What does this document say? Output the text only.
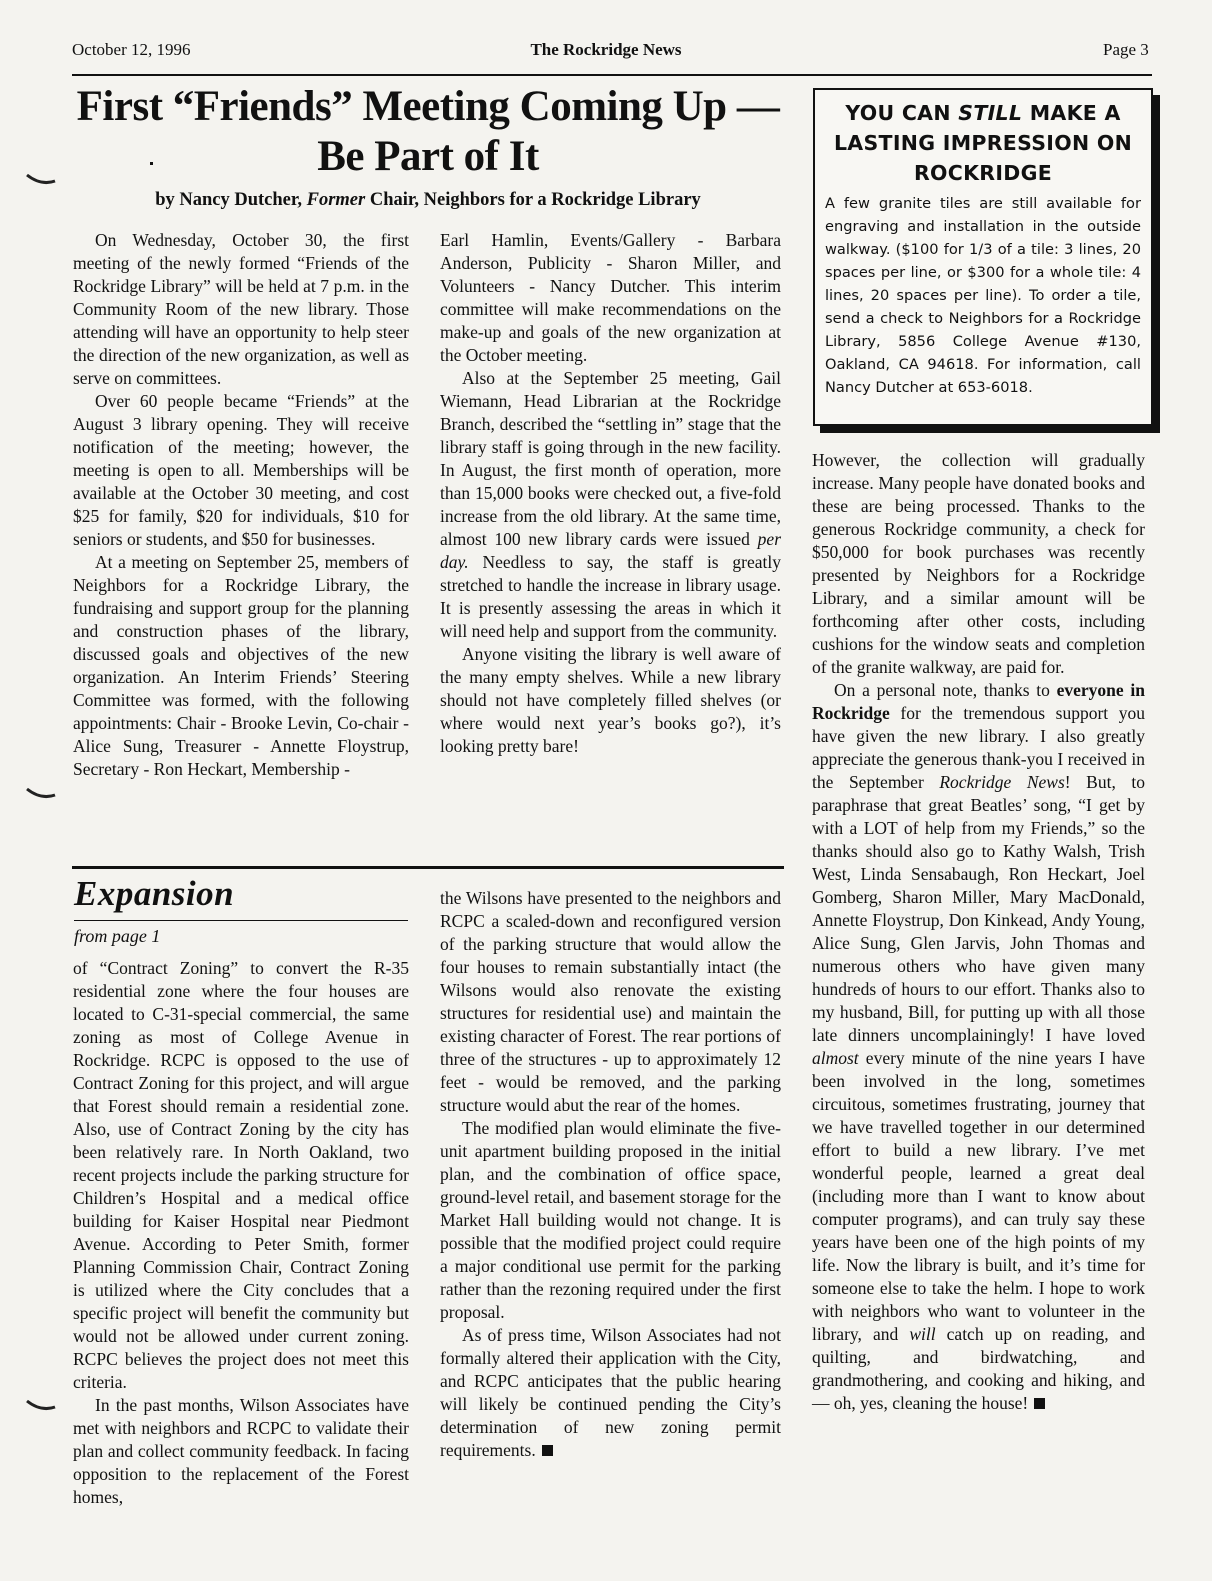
October 12, 1996	The Rockridge News	Page 3
First “Friends” Meeting Coming Up —
Be Part of It

by Nancy Dutcher, Former Chair, Neighbors for a Rockridge Library

On Wednesday, October 30, the first meeting of the newly formed “Friends of the Rockridge Library” will be held at 7 p.m. in the Community Room of the new library. Those attending will have an opportunity to help steer the direction of the new organization, as well as serve on committees.

Over 60 people became “Friends” at the August 3 library opening. They will receive notification of the meeting; however, the meeting is open to all. Memberships will be available at the October 30 meeting, and cost $25 for family, $20 for individuals, $10 for seniors or students, and $50 for businesses.

At a meeting on September 25, members of Neighbors for a Rockridge Library, the fundraising and support group for the planning and construction phases of the library, discussed goals and objectives of the new organization. An Interim Friends’ Steering Committee was formed, with the following appointments: Chair - Brooke Levin, Co-chair - Alice Sung, Treasurer - Annette Floystrup, Secretary - Ron Heckart, Membership -

Earl Hamlin, Events/Gallery - Barbara Anderson, Publicity - Sharon Miller, and Volunteers - Nancy Dutcher. This interim committee will make recommendations on the make-up and goals of the new organization at the October meeting.

Also at the September 25 meeting, Gail Wiemann, Head Librarian at the Rockridge Branch, described the “settling in” stage that the library staff is going through in the new facility. In August, the first month of operation, more than 15,000 books were checked out, a five-fold increase from the old library. At the same time, almost 100 new library cards were issued per day. Needless to say, the staff is greatly stretched to handle the increase in library usage. It is presently assessing the areas in which it will need help and support from the community.

Anyone visiting the library is well aware of the many empty shelves. While a new library should not have completely filled shelves (or where would next year’s books go?), it’s looking pretty bare!

YOU CAN STILL MAKE A LASTING IMPRESSION ON ROCKRIDGE

A few granite tiles are still available for engraving and installation in the outside walkway. ($100 for 1/3 of a tile: 3 lines, 20 spaces per line, or $300 for a whole tile: 4 lines, 20 spaces per line). To order a tile, send a check to Neighbors for a Rockridge Library, 5856 College Avenue #130, Oakland, CA 94618. For information, call Nancy Dutcher at 653-6018.

However, the collection will gradually increase. Many people have donated books and these are being processed. Thanks to the generous Rockridge community, a check for $50,000 for book purchases was recently presented by Neighbors for a Rockridge Library, and a similar amount will be forthcoming after other costs, including cushions for the window seats and completion of the granite walkway, are paid for.

On a personal note, thanks to everyone in Rockridge for the tremendous support you have given the new library. I also greatly appreciate the generous thank-you I received in the September Rockridge News! But, to paraphrase that great Beatles’ song, “I get by with a LOT of help from my Friends,” so the thanks should also go to Kathy Walsh, Trish West, Linda Sensabaugh, Ron Heckart, Joel Gomberg, Sharon Miller, Mary MacDonald, Annette Floystrup, Don Kinkead, Andy Young, Alice Sung, Glen Jarvis, John Thomas and numerous others who have given many hundreds of hours to our effort. Thanks also to my husband, Bill, for putting up with all those late dinners uncomplainingly! I have loved almost every minute of the nine years I have been involved in the long, sometimes circuitous, sometimes frustrating, journey that we have travelled together in our determined effort to build a new library. I’ve met wonderful people, learned a great deal (including more than I want to know about computer programs), and can truly say these years have been one of the high points of my life. Now the library is built, and it’s time for someone else to take the helm. I hope to work with neighbors who want to volunteer in the library, and will catch up on reading, and quilting, and birdwatching, and grandmothering, and cooking and hiking, and — oh, yes, cleaning the house!

Expansion
from page 1

of “Contract Zoning” to convert the R-35 residential zone where the four houses are located to C-31-special commercial, the same zoning as most of College Avenue in Rockridge. RCPC is opposed to the use of Contract Zoning for this project, and will argue that Forest should remain a residential zone. Also, use of Contract Zoning by the city has been relatively rare. In North Oakland, two recent projects include the parking structure for Children’s Hospital and a medical office building for Kaiser Hospital near Piedmont Avenue. According to Peter Smith, former Planning Commission Chair, Contract Zoning is utilized where the City concludes that a specific project will benefit the community but would not be allowed under current zoning. RCPC believes the project does not meet this criteria.

In the past months, Wilson Associates have met with neighbors and RCPC to validate their plan and collect community feedback. In facing opposition to the replacement of the Forest homes,

the Wilsons have presented to the neighbors and RCPC a scaled-down and reconfigured version of the parking structure that would allow the four houses to remain substantially intact (the Wilsons would also renovate the existing structures for residential use) and maintain the existing character of Forest. The rear portions of three of the structures - up to approximately 12 feet - would be removed, and the parking structure would abut the rear of the homes.

The modified plan would eliminate the five-unit apartment building proposed in the initial plan, and the combination of office space, ground-level retail, and basement storage for the Market Hall building would not change. It is possible that the modified project could require a major conditional use permit for the parking rather than the rezoning required under the first proposal.

As of press time, Wilson Associates had not formally altered their application with the City, and RCPC anticipates that the public hearing will likely be continued pending the City’s determination of new zoning permit requirements.
